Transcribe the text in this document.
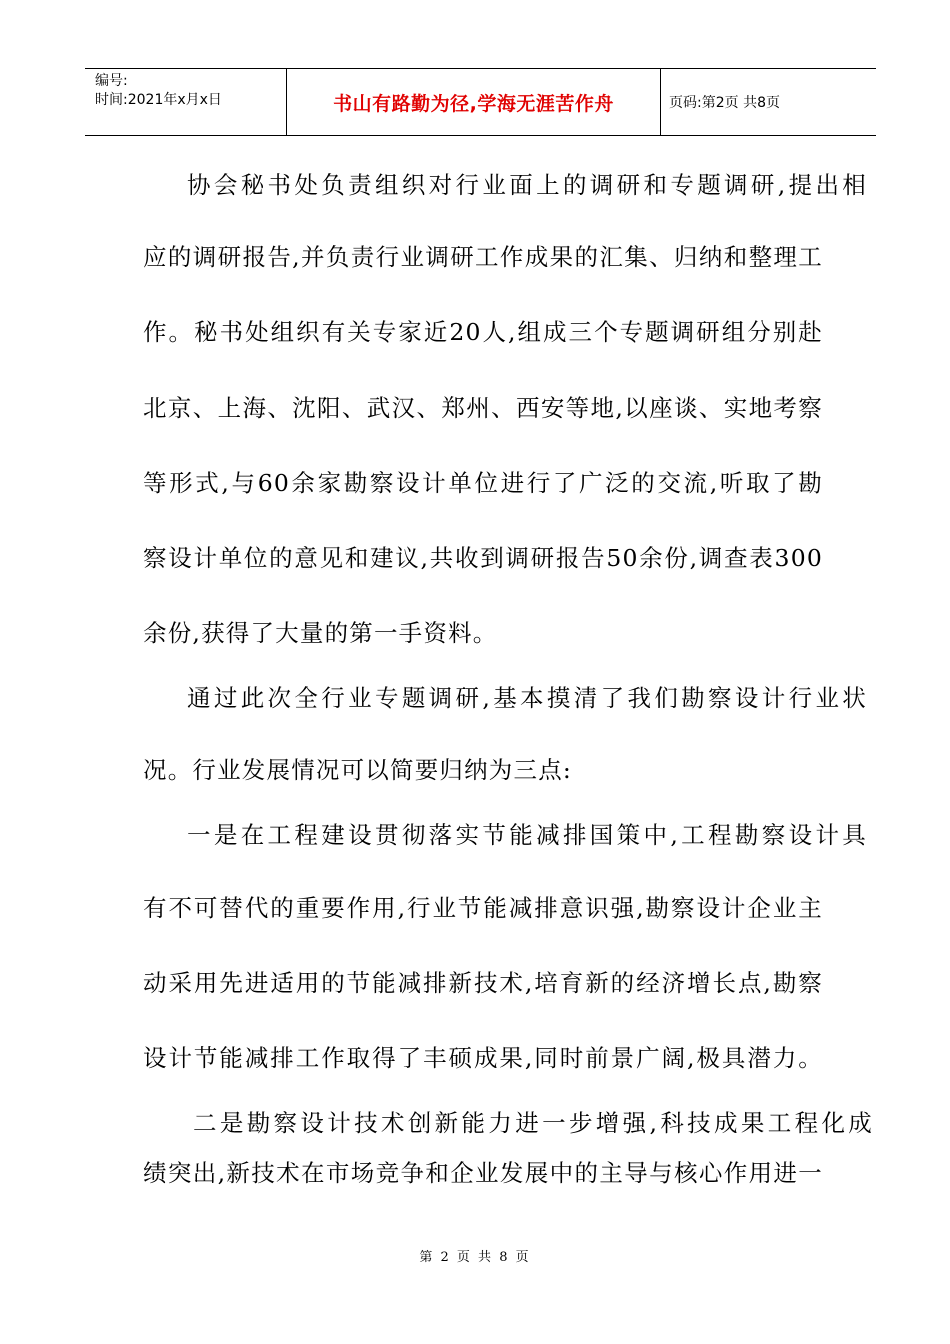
编号:
时间:2021年x月x日	书山有路勤为径,学海无涯苦作舟	页码:第2页 共8页
协会秘书处负责组织对行业面上的调研和专题调研,提出相
应的调研报告,并负责行业调研工作成果的汇集、归纳和整理工
作。秘书处组织有关专家近20人,组成三个专题调研组分别赴
北京、上海、沈阳、武汉、郑州、西安等地,以座谈、实地考察
等形式,与60余家勘察设计单位进行了广泛的交流,听取了勘
察设计单位的意见和建议,共收到调研报告50余份,调查表300
余份,获得了大量的第一手资料。
通过此次全行业专题调研,基本摸清了我们勘察设计行业状
况。行业发展情况可以简要归纳为三点:
一是在工程建设贯彻落实节能减排国策中,工程勘察设计具
有不可替代的重要作用,行业节能减排意识强,勘察设计企业主
动采用先进适用的节能减排新技术,培育新的经济增长点,勘察
设计节能减排工作取得了丰硕成果,同时前景广阔,极具潜力。
二是勘察设计技术创新能力进一步增强,科技成果工程化成
绩突出,新技术在市场竞争和企业发展中的主导与核心作用进一
第 2 页 共 8 页
